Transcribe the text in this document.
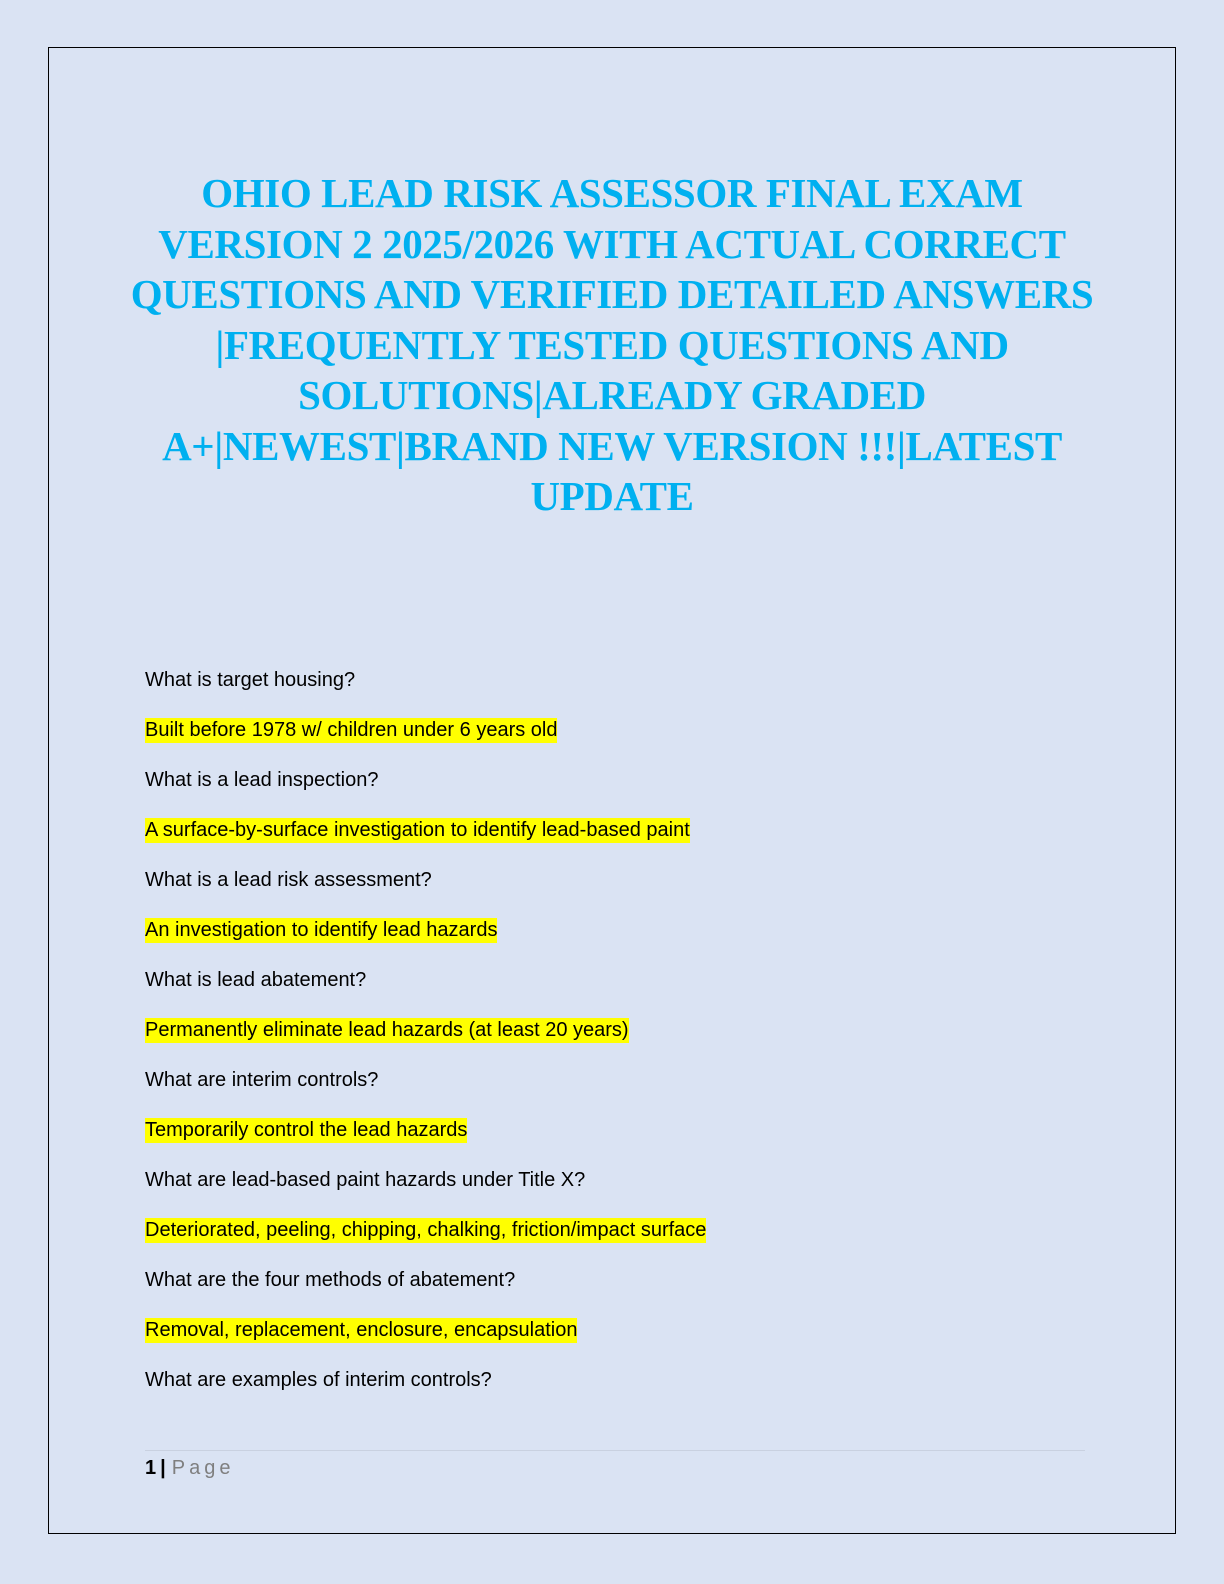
OHIO LEAD RISK ASSESSOR FINAL EXAM VERSION 2 2025/2026 WITH ACTUAL CORRECT QUESTIONS AND VERIFIED DETAILED ANSWERS |FREQUENTLY TESTED QUESTIONS AND SOLUTIONS|ALREADY GRADED A+|NEWEST|BRAND NEW VERSION !!!|LATEST UPDATE
What is target housing?
Built before 1978 w/ children under 6 years old
What is a lead inspection?
A surface-by-surface investigation to identify lead-based paint
What is a lead risk assessment?
An investigation to identify lead hazards
What is lead abatement?
Permanently eliminate lead hazards (at least 20 years)
What are interim controls?
Temporarily control the lead hazards
What are lead-based paint hazards under Title X?
Deteriorated, peeling, chipping, chalking, friction/impact surface
What are the four methods of abatement?
Removal, replacement, enclosure, encapsulation
What are examples of interim controls?
1 | Page
